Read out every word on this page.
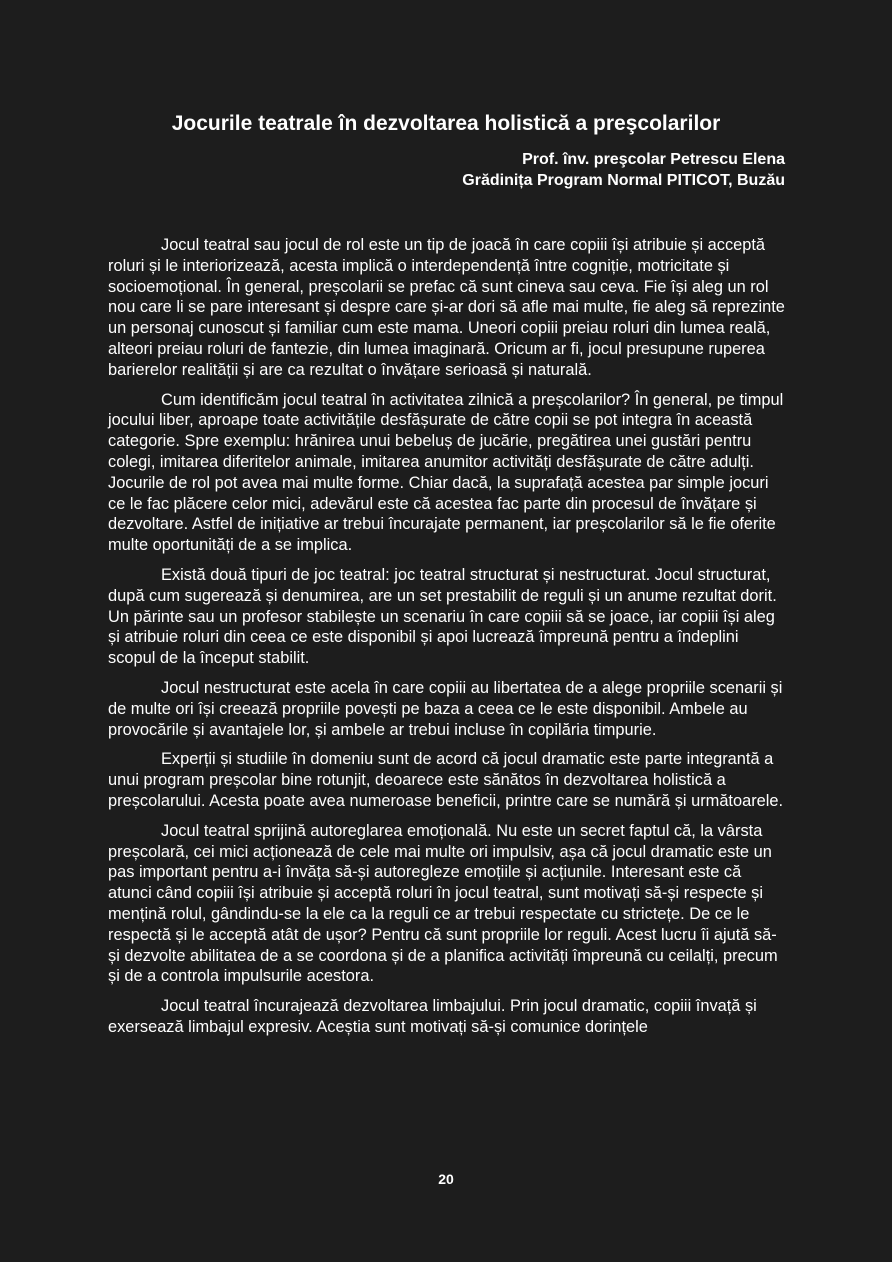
Jocurile teatrale în dezvoltarea holistică a preşcolarilor
Prof. înv. preşcolar Petrescu Elena
Grădinița Program Normal PITICOT, Buzău

Jocul teatral sau jocul de rol este un tip de joacă în care copiii își atribuie și acceptă roluri și le interiorizează, acesta implică o interdependență între cogniție, motricitate și socioemoțional. În general, preșcolarii se prefac că sunt cineva sau ceva. Fie își aleg un rol nou care li se pare interesant și despre care și-ar dori să afle mai multe, fie aleg să reprezinte un personaj cunoscut și familiar cum este mama. Uneori copiii preiau roluri din lumea reală, alteori preiau roluri de fantezie, din lumea imaginară. Oricum ar fi, jocul presupune ruperea barierelor realității și are ca rezultat o învățare serioasă și naturală.

Cum identificăm jocul teatral în activitatea zilnică a preșcolarilor? În general, pe timpul jocului liber, aproape toate activitățile desfășurate de către copii se pot integra în această categorie. Spre exemplu: hrănirea unui bebeluș de jucărie, pregătirea unei gustări pentru colegi, imitarea diferitelor animale, imitarea anumitor activități desfășurate de către adulți. Jocurile de rol pot avea mai multe forme. Chiar dacă, la suprafață acestea par simple jocuri ce le fac plăcere celor mici, adevărul este că acestea fac parte din procesul de învățare și dezvoltare. Astfel de inițiative ar trebui încurajate permanent, iar preșcolarilor să le fie oferite multe oportunități de a se implica.

Există două tipuri de joc teatral: joc teatral structurat și nestructurat. Jocul structurat, după cum sugerează și denumirea, are un set prestabilit de reguli și un anume rezultat dorit. Un părinte sau un profesor stabilește un scenariu în care copiii să se joace, iar copiii își aleg și atribuie roluri din ceea ce este disponibil și apoi lucrează împreună pentru a îndeplini scopul de la început stabilit.

Jocul nestructurat este acela în care copiii au libertatea de a alege propriile scenarii și de multe ori își creează propriile povești pe baza a ceea ce le este disponibil. Ambele au provocările și avantajele lor, și ambele ar trebui incluse în copilăria timpurie.

Experții și studiile în domeniu sunt de acord că jocul dramatic este parte integrantă a unui program preșcolar bine rotunjit, deoarece este sănătos în dezvoltarea holistică a preșcolarului. Acesta poate avea numeroase beneficii, printre care se numără și următoarele.

Jocul teatral sprijină autoreglarea emoțională. Nu este un secret faptul că, la vârsta preșcolară, cei mici acționează de cele mai multe ori impulsiv, așa că jocul dramatic este un pas important pentru a-i învăța să-și autoregleze emoțiile și acțiunile. Interesant este că atunci când copiii își atribuie și acceptă roluri în jocul teatral, sunt motivați să-și respecte și mențină rolul, gândindu-se la ele ca la reguli ce ar trebui respectate cu strictețe. De ce le respectă și le acceptă atât de ușor? Pentru că sunt propriile lor reguli. Acest lucru îi ajută să-și dezvolte abilitatea de a se coordona și de a planifica activități împreună cu ceilalți, precum și de a controla impulsurile acestora.

Jocul teatral încurajează dezvoltarea limbajului. Prin jocul dramatic, copiii învață și exersează limbajul expresiv. Aceștia sunt motivați să-și comunice dorințele

20
